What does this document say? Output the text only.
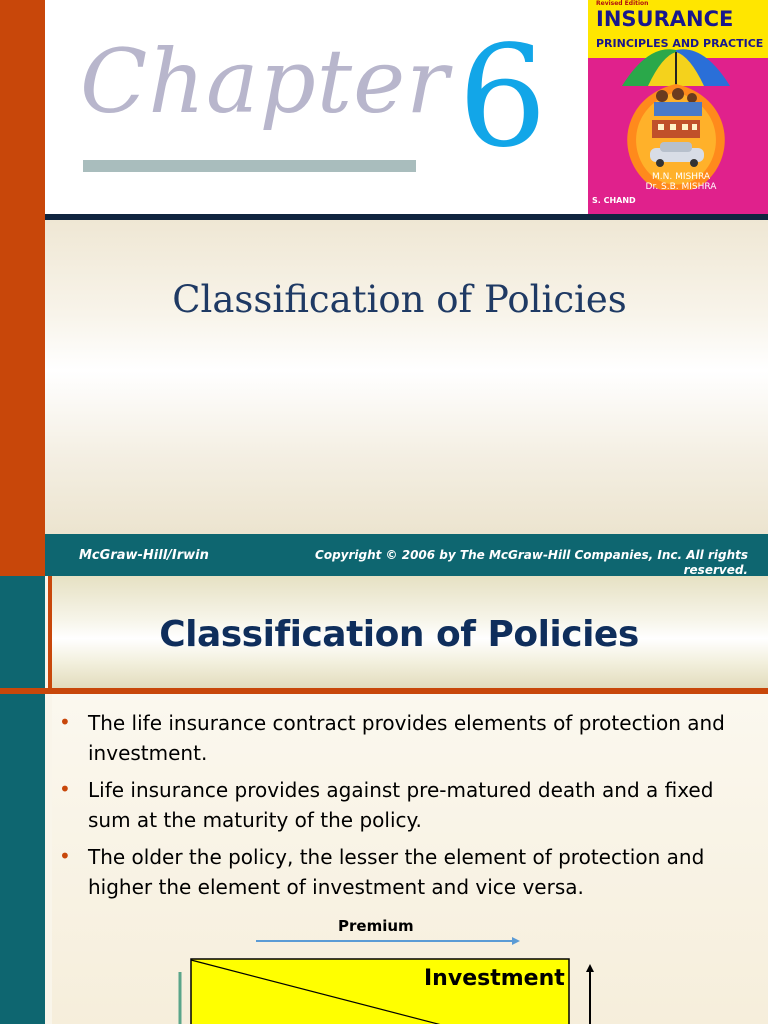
Chapter 6
Revised Edition
INSURANCE
PRINCIPLES AND PRACTICE
M.N. MISHRA
Dr. S.B. MISHRA
S. CHAND
Classification of Policies
McGraw-Hill/Irwin	Copyright © 2006 by The McGraw-Hill Companies, Inc. All rights reserved.
Classification of Policies
• The life insurance contract provides elements of protection and investment.
• Life insurance provides against pre-matured death and a fixed sum at the maturity of the policy.
• The older the policy, the lesser the element of protection and higher the element of investment and vice versa.
Premium
Investment
